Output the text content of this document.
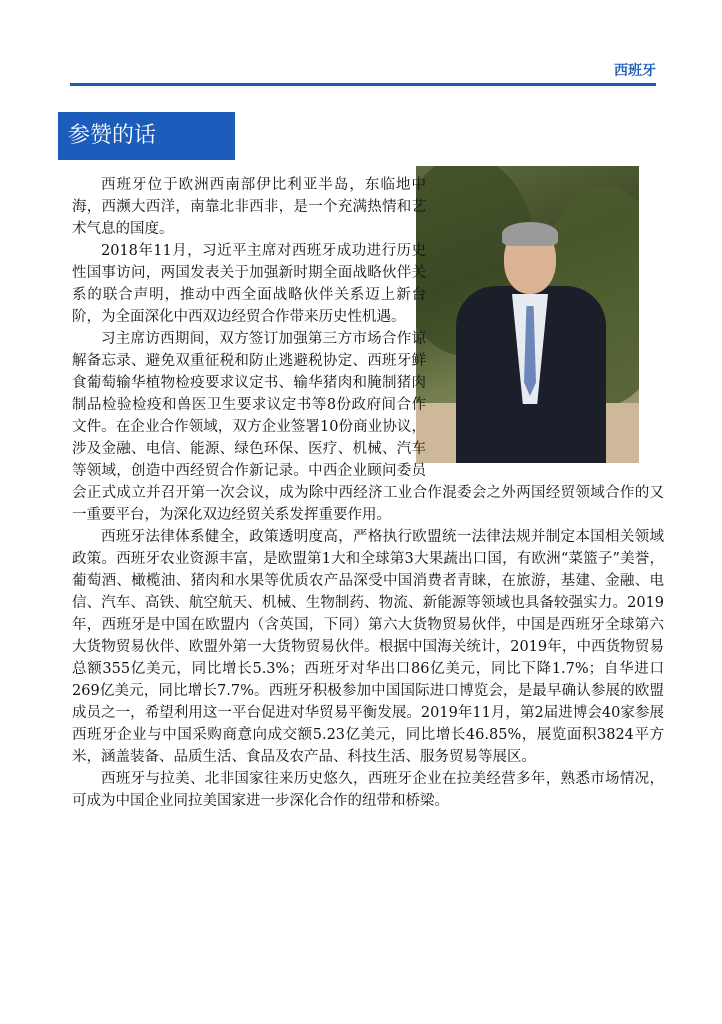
西班牙
参赞的话

西班牙位于欧洲西南部伊比利亚半岛，东临地中海，西濒大西洋，南靠北非西非，是一个充满热情和艺术气息的国度。

2018年11月，习近平主席对西班牙成功进行历史性国事访问，两国发表关于加强新时期全面战略伙伴关系的联合声明，推动中西全面战略伙伴关系迈上新台阶，为全面深化中西双边经贸合作带来历史性机遇。

习主席访西期间，双方签订加强第三方市场合作谅解备忘录、避免双重征税和防止逃避税协定、西班牙鲜食葡萄输华植物检疫要求议定书、输华猪肉和腌制猪肉制品检验检疫和兽医卫生要求议定书等8份政府间合作文件。在企业合作领域，双方企业签署10份商业协议，涉及金融、电信、能源、绿色环保、医疗、机械、汽车等领域，创造中西经贸合作新记录。中西企业顾问委员会正式成立并召开第一次会议，成为除中西经济工业合作混委会之外两国经贸领域合作的又一重要平台，为深化双边经贸关系发挥重要作用。

西班牙法律体系健全，政策透明度高，严格执行欧盟统一法律法规并制定本国相关领域政策。西班牙农业资源丰富，是欧盟第1大和全球第3大果蔬出口国，有欧洲“菜篮子”美誉，葡萄酒、橄榄油、猪肉和水果等优质农产品深受中国消费者青睐，在旅游，基建、金融、电信、汽车、高铁、航空航天、机械、生物制药、物流、新能源等领域也具备较强实力。2019年，西班牙是中国在欧盟内（含英国，下同）第六大货物贸易伙伴，中国是西班牙全球第六大货物贸易伙伴、欧盟外第一大货物贸易伙伴。根据中国海关统计，2019年，中西货物贸易总额355亿美元，同比增长5.3%；西班牙对华出口86亿美元，同比下降1.7%；自华进口269亿美元，同比增长7.7%。西班牙积极参加中国国际进口博览会，是最早确认参展的欧盟成员之一，希望利用这一平台促进对华贸易平衡发展。2019年11月，第2届进博会40家参展西班牙企业与中国采购商意向成交额5.23亿美元，同比增长46.85%，展览面积3824平方米，涵盖装备、品质生活、食品及农产品、科技生活、服务贸易等展区。

西班牙与拉美、北非国家往来历史悠久，西班牙企业在拉美经营多年，熟悉市场情况，可成为中国企业同拉美国家进一步深化合作的纽带和桥梁。
